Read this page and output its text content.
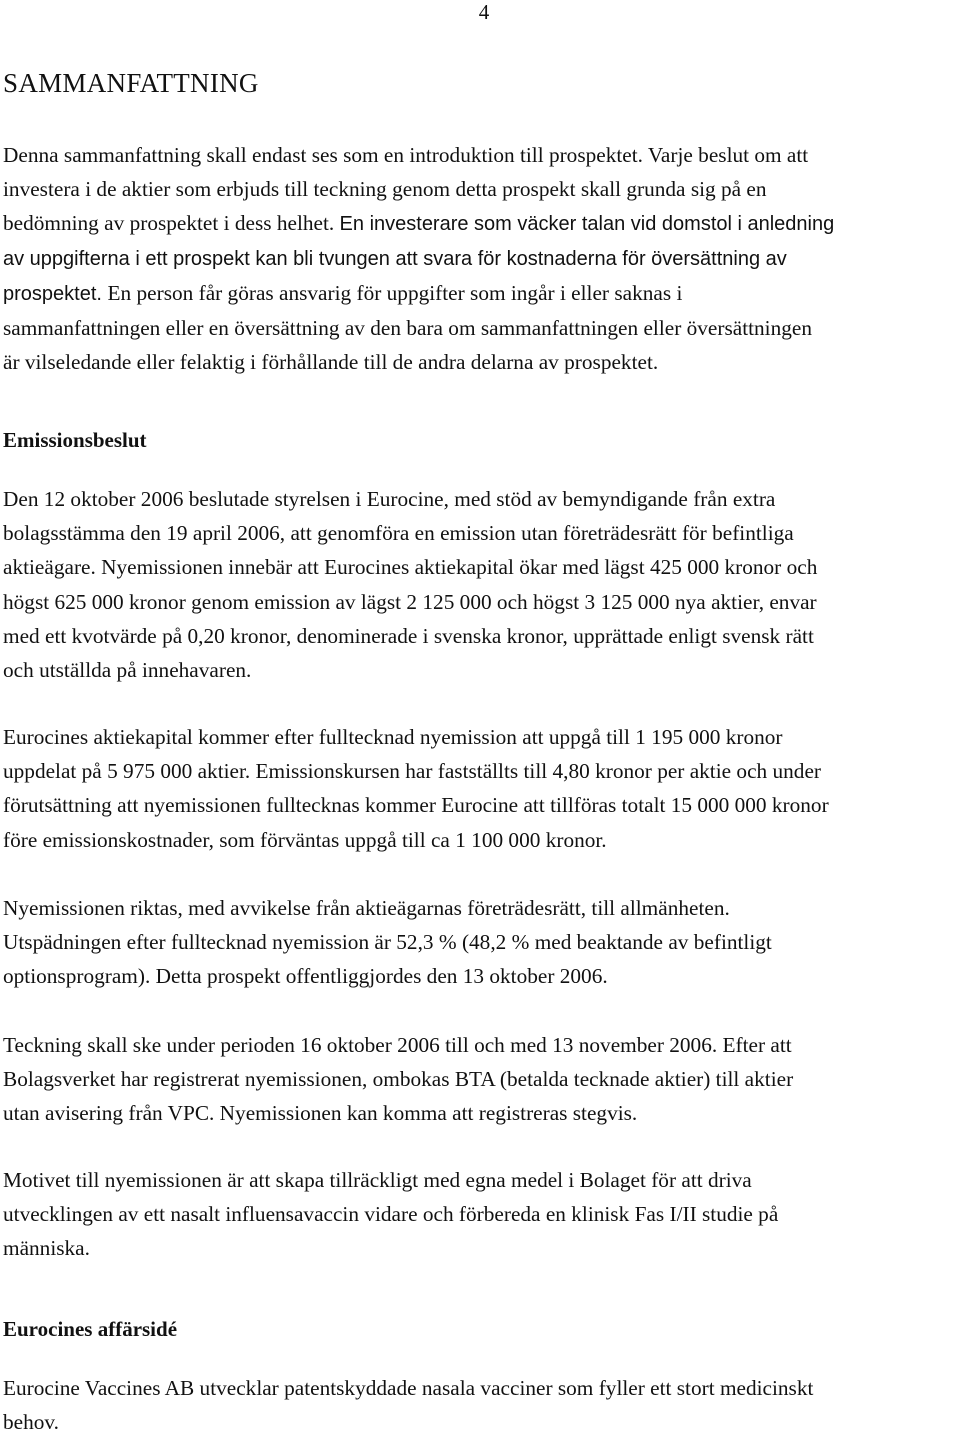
4
SAMMANFATTNING
Denna sammanfattning skall endast ses som en introduktion till prospektet. Varje beslut om att
investera i de aktier som erbjuds till teckning genom detta prospekt skall grunda sig på en
bedömning av prospektet i dess helhet. En investerare som väcker talan vid domstol i anledning
av uppgifterna i ett prospekt kan bli tvungen att svara för kostnaderna för översättning av
prospektet. En person får göras ansvarig för uppgifter som ingår i eller saknas i
sammanfattningen eller en översättning av den bara om sammanfattningen eller översättningen
är vilseledande eller felaktig i förhållande till de andra delarna av prospektet.
Emissionsbeslut
Den 12 oktober 2006 beslutade styrelsen i Eurocine, med stöd av bemyndigande från extra
bolagsstämma den 19 april 2006, att genomföra en emission utan företrädesrätt för befintliga
aktieägare. Nyemissionen innebär att Eurocines aktiekapital ökar med lägst 425 000 kronor och
högst 625 000 kronor genom emission av lägst 2 125 000 och högst 3 125 000 nya aktier, envar
med ett kvotvärde på 0,20 kronor, denominerade i svenska kronor, upprättade enligt svensk rätt
och utställda på innehavaren.
Eurocines aktiekapital kommer efter fulltecknad nyemission att uppgå till 1 195 000 kronor
uppdelat på 5 975 000 aktier. Emissionskursen har fastställts till 4,80 kronor per aktie och under
förutsättning att nyemissionen fulltecknas kommer Eurocine att tillföras totalt 15 000 000 kronor
före emissionskostnader, som förväntas uppgå till ca 1 100 000 kronor.
Nyemissionen riktas, med avvikelse från aktieägarnas företrädesrätt, till allmänheten.
Utspädningen efter fulltecknad nyemission är 52,3 % (48,2 % med beaktande av befintligt
optionsprogram). Detta prospekt offentliggjordes den 13 oktober 2006.
Teckning skall ske under perioden 16 oktober 2006 till och med 13 november 2006. Efter att
Bolagsverket har registrerat nyemissionen, ombokas BTA (betalda tecknade aktier) till aktier
utan avisering från VPC. Nyemissionen kan komma att registreras stegvis.
Motivet till nyemissionen är att skapa tillräckligt med egna medel i Bolaget för att driva
utvecklingen av ett nasalt influensavaccin vidare och förbereda en klinisk Fas I/II studie på
människa.
Eurocines affärsidé
Eurocine Vaccines AB utvecklar patentskyddade nasala vacciner som fyller ett stort medicinskt
behov.
